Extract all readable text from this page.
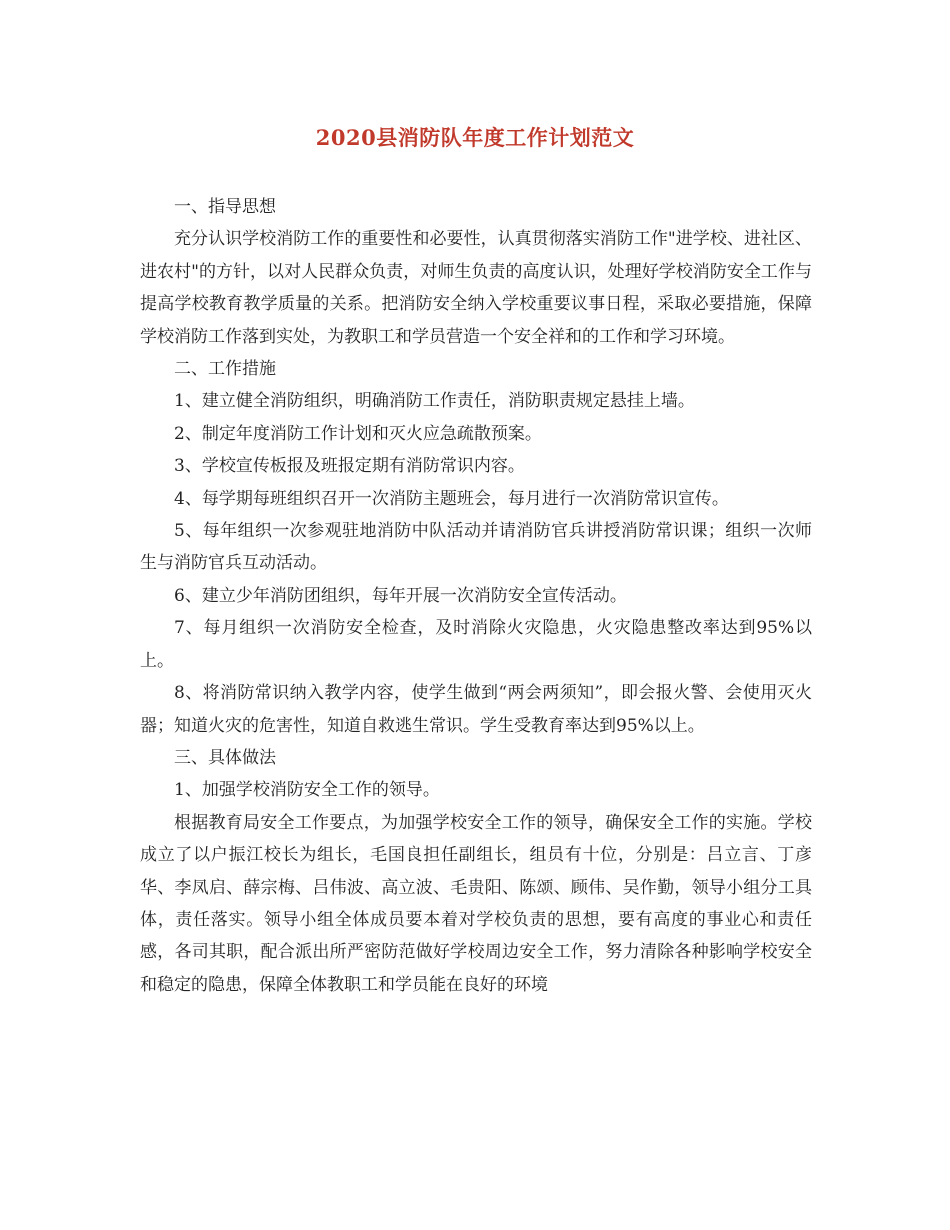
2020县消防队年度工作计划范文

一、指导思想

充分认识学校消防工作的重要性和必要性，认真贯彻落实消防工作"进学校、进社区、进农村"的方针，以对人民群众负责，对师生负责的高度认识，处理好学校消防安全工作与提高学校教育教学质量的关系。把消防安全纳入学校重要议事日程，采取必要措施，保障学校消防工作落到实处，为教职工和学员营造一个安全祥和的工作和学习环境。

二、工作措施

1、建立健全消防组织，明确消防工作责任，消防职责规定悬挂上墙。

2、制定年度消防工作计划和灭火应急疏散预案。

3、学校宣传板报及班报定期有消防常识内容。

4、每学期每班组织召开一次消防主题班会，每月进行一次消防常识宣传。

5、每年组织一次参观驻地消防中队活动并请消防官兵讲授消防常识课；组织一次师生与消防官兵互动活动。

6、建立少年消防团组织，每年开展一次消防安全宣传活动。

7、每月组织一次消防安全检查，及时消除火灾隐患，火灾隐患整改率达到95%以上。

8、将消防常识纳入教学内容，使学生做到“两会两须知”，即会报火警、会使用灭火器；知道火灾的危害性，知道自救逃生常识。学生受教育率达到95%以上。

三、具体做法

1、加强学校消防安全工作的领导。

根据教育局安全工作要点，为加强学校安全工作的领导，确保安全工作的实施。学校成立了以户振江校长为组长，毛国良担任副组长，组员有十位，分别是：吕立言、丁彦华、李凤启、薛宗梅、吕伟波、高立波、毛贵阳、陈颂、顾伟、吴作勤，领导小组分工具体，责任落实。领导小组全体成员要本着对学校负责的思想，要有高度的事业心和责任感，各司其职，配合派出所严密防范做好学校周边安全工作，努力清除各种影响学校安全和稳定的隐患，保障全体教职工和学员能在良好的环境
